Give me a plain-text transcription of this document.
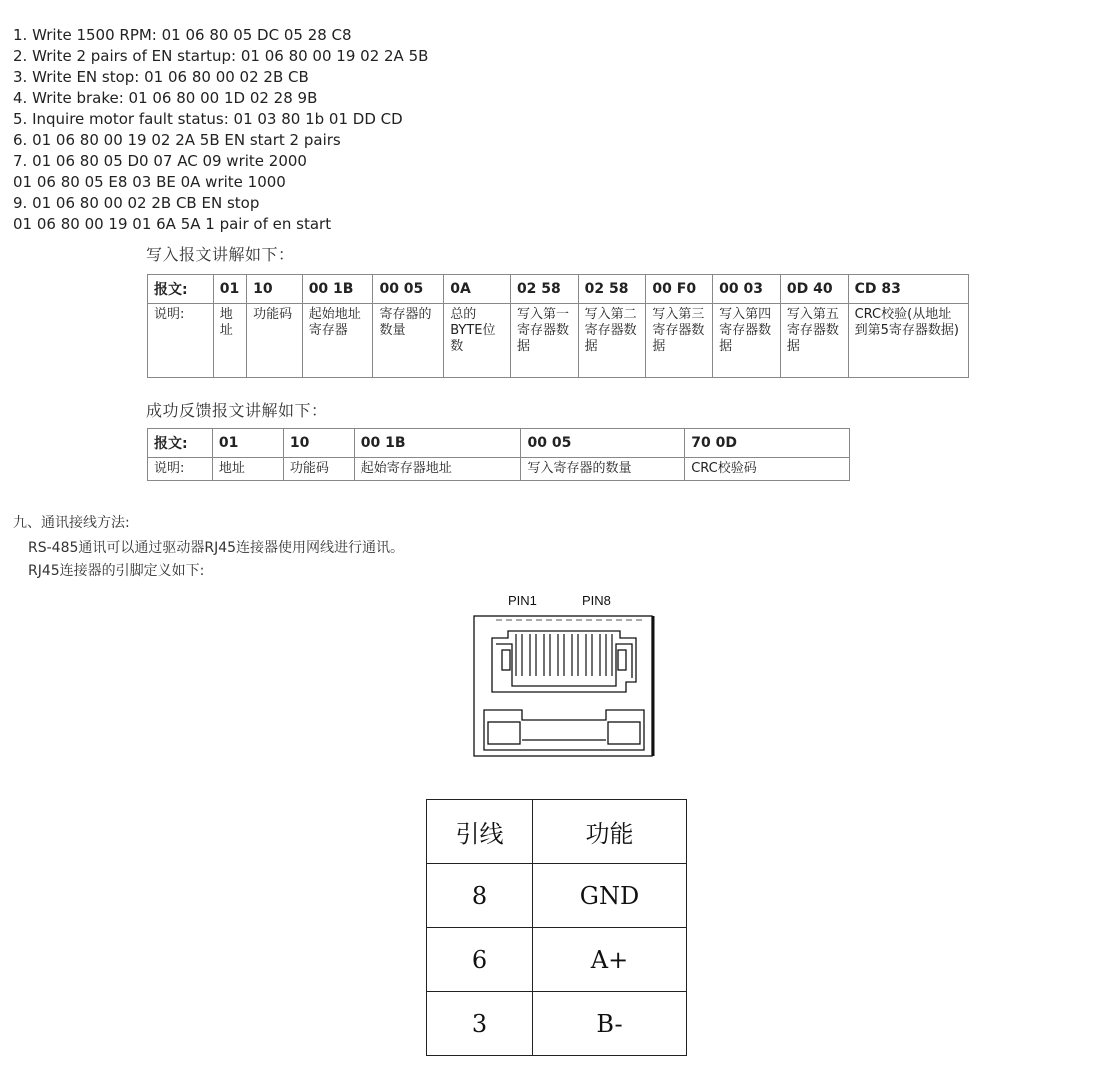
1. Write 1500 RPM: 01 06 80 05 DC 05 28 C8
2. Write 2 pairs of EN startup: 01 06 80 00 19 02 2A 5B
3. Write EN stop: 01 06 80 00 02 2B CB
4. Write brake: 01 06 80 00 1D 02 28 9B
5. Inquire motor fault status: 01 03 80 1b 01 DD CD
6. 01 06 80 00 19 02 2A 5B EN start 2 pairs
7. 01 06 80 05 D0 07 AC 09 write 2000
01 06 80 05 E8 03 BE 0A write 1000
9. 01 06 80 00 02 2B CB EN stop
01 06 80 00 19 01 6A 5A 1 pair of en start
写入报文讲解如下：
报文:	01	10	00 1B	00 05	0A	02 58	02 58	00 F0	00 03	0D 40	CD 83
说明:	地址	功能码	起始地址寄存器	寄存器的数量	总的BYTE位数	写入第一寄存器数据	写入第二寄存器数据	写入第三寄存器数据	写入第四寄存器数据	写入第五寄存器数据	CRC校验(从地址到第5寄存器数据)
成功反馈报文讲解如下：
报文:	01	10	00 1B	00 05	70 0D
说明:	地址	功能码	起始寄存器地址	写入寄存器的数量	CRC校验码
九、通讯接线方法:
RS-485通讯可以通过驱动器RJ45连接器使用网线进行通讯。
RJ45连接器的引脚定义如下:
PIN1	PIN8
引线	功能
8	GND
6	A+
3	B-
